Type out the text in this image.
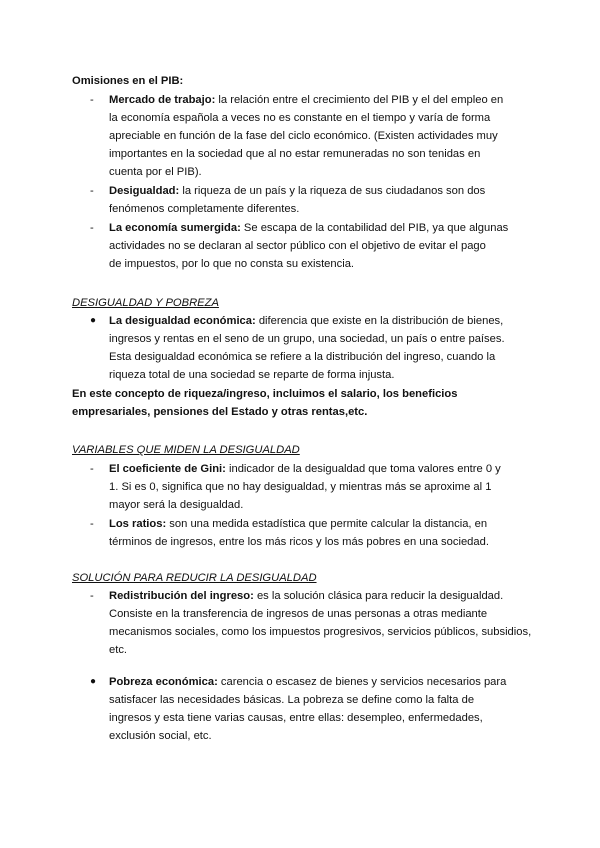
Omisiones en el PIB:
- Mercado de trabajo: la relación entre el crecimiento del PIB y el del empleo en
la economía española a veces no es constante en el tiempo y varía de forma
apreciable en función de la fase del ciclo económico. (Existen actividades muy
importantes en la sociedad que al no estar remuneradas no son tenidas en
cuenta por el PIB).
- Desigualdad: la riqueza de un país y la riqueza de sus ciudadanos son dos
fenómenos completamente diferentes.
- La economía sumergida: Se escapa de la contabilidad del PIB, ya que algunas
actividades no se declaran al sector público con el objetivo de evitar el pago
de impuestos, por lo que no consta su existencia.
DESIGUALDAD Y POBREZA
● La desigualdad económica: diferencia que existe en la distribución de bienes,
ingresos y rentas en el seno de un grupo, una sociedad, un país o entre países.
Esta desigualdad económica se refiere a la distribución del ingreso, cuando la
riqueza total de una sociedad se reparte de forma injusta.
En este concepto de riqueza/ingreso, incluimos el salario, los beneficios
empresariales, pensiones del Estado y otras rentas,etc.
VARIABLES QUE MIDEN LA DESIGUALDAD
- El coeficiente de Gini: indicador de la desigualdad que toma valores entre 0 y
1. Si es 0, significa que no hay desigualdad, y mientras más se aproxime al 1
mayor será la desigualdad.
- Los ratios: son una medida estadística que permite calcular la distancia, en
términos de ingresos, entre los más ricos y los más pobres en una sociedad.
SOLUCIÓN PARA REDUCIR LA DESIGUALDAD
- Redistribución del ingreso: es la solución clásica para reducir la desigualdad.
Consiste en la transferencia de ingresos de unas personas a otras mediante
mecanismos sociales, como los impuestos progresivos, servicios públicos, subsidios,
etc.
● Pobreza económica: carencia o escasez de bienes y servicios necesarios para
satisfacer las necesidades básicas. La pobreza se define como la falta de
ingresos y esta tiene varias causas, entre ellas: desempleo, enfermedades,
exclusión social, etc.
